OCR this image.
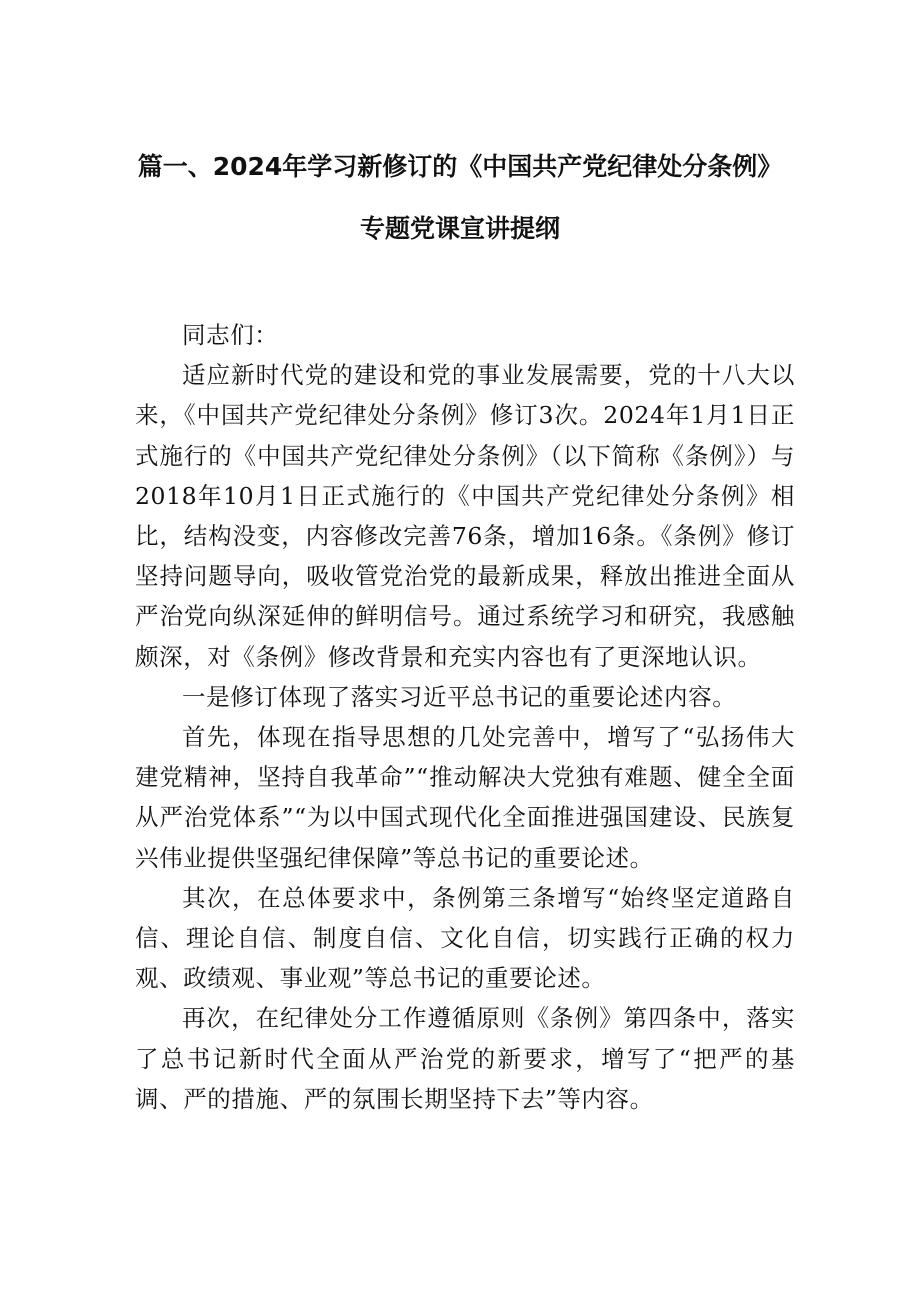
篇一、2024年学习新修订的《中国共产党纪律处分条例》
专题党课宣讲提纲

同志们：

适应新时代党的建设和党的事业发展需要，党的十八大以来，《中国共产党纪律处分条例》修订3次。2024年1月1日正式施行的《中国共产党纪律处分条例》（以下简称《条例》）与2018年10月1日正式施行的《中国共产党纪律处分条例》相比，结构没变，内容修改完善76条，增加16条。《条例》修订坚持问题导向，吸收管党治党的最新成果，释放出推进全面从严治党向纵深延伸的鲜明信号。通过系统学习和研究，我感触颇深，对《条例》修改背景和充实内容也有了更深地认识。

一是修订体现了落实习近平总书记的重要论述内容。

首先，体现在指导思想的几处完善中，增写了“弘扬伟大建党精神，坚持自我革命”“推动解决大党独有难题、健全全面从严治党体系”“为以中国式现代化全面推进强国建设、民族复兴伟业提供坚强纪律保障”等总书记的重要论述。

其次，在总体要求中，条例第三条增写“始终坚定道路自信、理论自信、制度自信、文化自信，切实践行正确的权力观、政绩观、事业观”等总书记的重要论述。

再次，在纪律处分工作遵循原则《条例》第四条中，落实了总书记新时代全面从严治党的新要求，增写了“把严的基调、严的措施、严的氛围长期坚持下去”等内容。
